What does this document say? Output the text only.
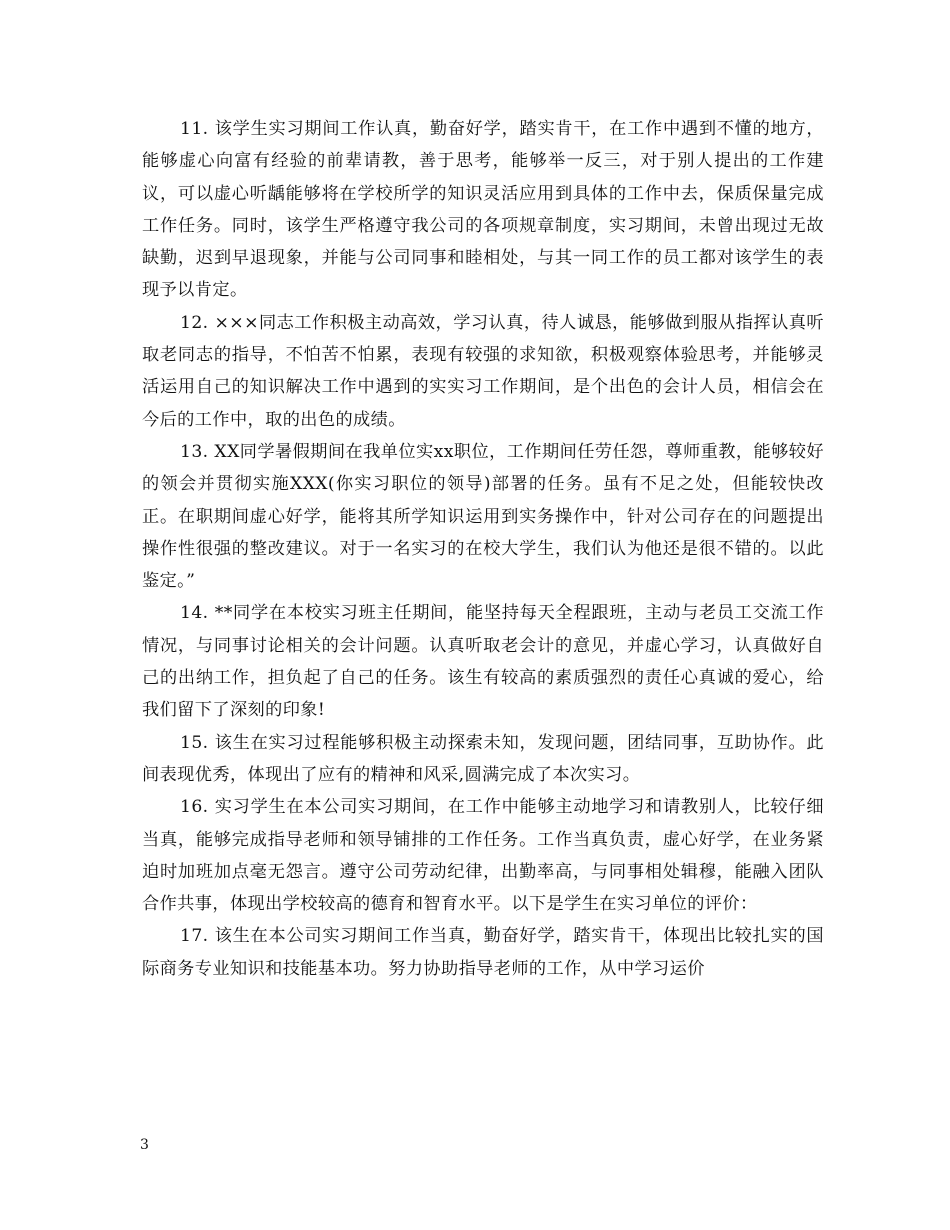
11. 该学生实习期间工作认真，勤奋好学，踏实肯干，在工作中遇到不懂的地方，能够虚心向富有经验的前辈请教，善于思考，能够举一反三，对于别人提出的工作建议，可以虚心听龋能够将在学校所学的知识灵活应用到具体的工作中去，保质保量完成工作任务。同时，该学生严格遵守我公司的各项规章制度，实习期间，未曾出现过无故缺勤，迟到早退现象，并能与公司同事和睦相处，与其一同工作的员工都对该学生的表现予以肯定。

12. ×××同志工作积极主动高效，学习认真，待人诚恳，能够做到服从指挥认真听取老同志的指导，不怕苦不怕累，表现有较强的求知欲，积极观察体验思考，并能够灵活运用自己的知识解决工作中遇到的实实习工作期间，是个出色的会计人员，相信会在今后的工作中，取的出色的成绩。

13. XX同学暑假期间在我单位实xx职位，工作期间任劳任怨，尊师重教，能够较好的领会并贯彻实施XXX(你实习职位的领导)部署的任务。虽有不足之处，但能较快改正。在职期间虚心好学，能将其所学知识运用到实务操作中，针对公司存在的问题提出操作性很强的整改建议。对于一名实习的在校大学生，我们认为他还是很不错的。以此鉴定。”

14. **同学在本校实习班主任期间，能坚持每天全程跟班，主动与老员工交流工作情况，与同事讨论相关的会计问题。认真听取老会计的意见，并虚心学习，认真做好自己的出纳工作，担负起了自己的任务。该生有较高的素质强烈的责任心真诚的爱心，给我们留下了深刻的印象!

15. 该生在实习过程能够积极主动探索未知，发现问题，团结同事，互助协作。此间表现优秀，体现出了应有的精神和风采,圆满完成了本次实习。

16. 实习学生在本公司实习期间，在工作中能够主动地学习和请教别人，比较仔细当真，能够完成指导老师和领导铺排的工作任务。工作当真负责，虚心好学，在业务紧迫时加班加点毫无怨言。遵守公司劳动纪律，出勤率高，与同事相处辑穆，能融入团队合作共事，体现出学校较高的德育和智育水平。以下是学生在实习单位的评价：

17. 该生在本公司实习期间工作当真，勤奋好学，踏实肯干，体现出比较扎实的国际商务专业知识和技能基本功。努力协助指导老师的工作，从中学习运价

3
